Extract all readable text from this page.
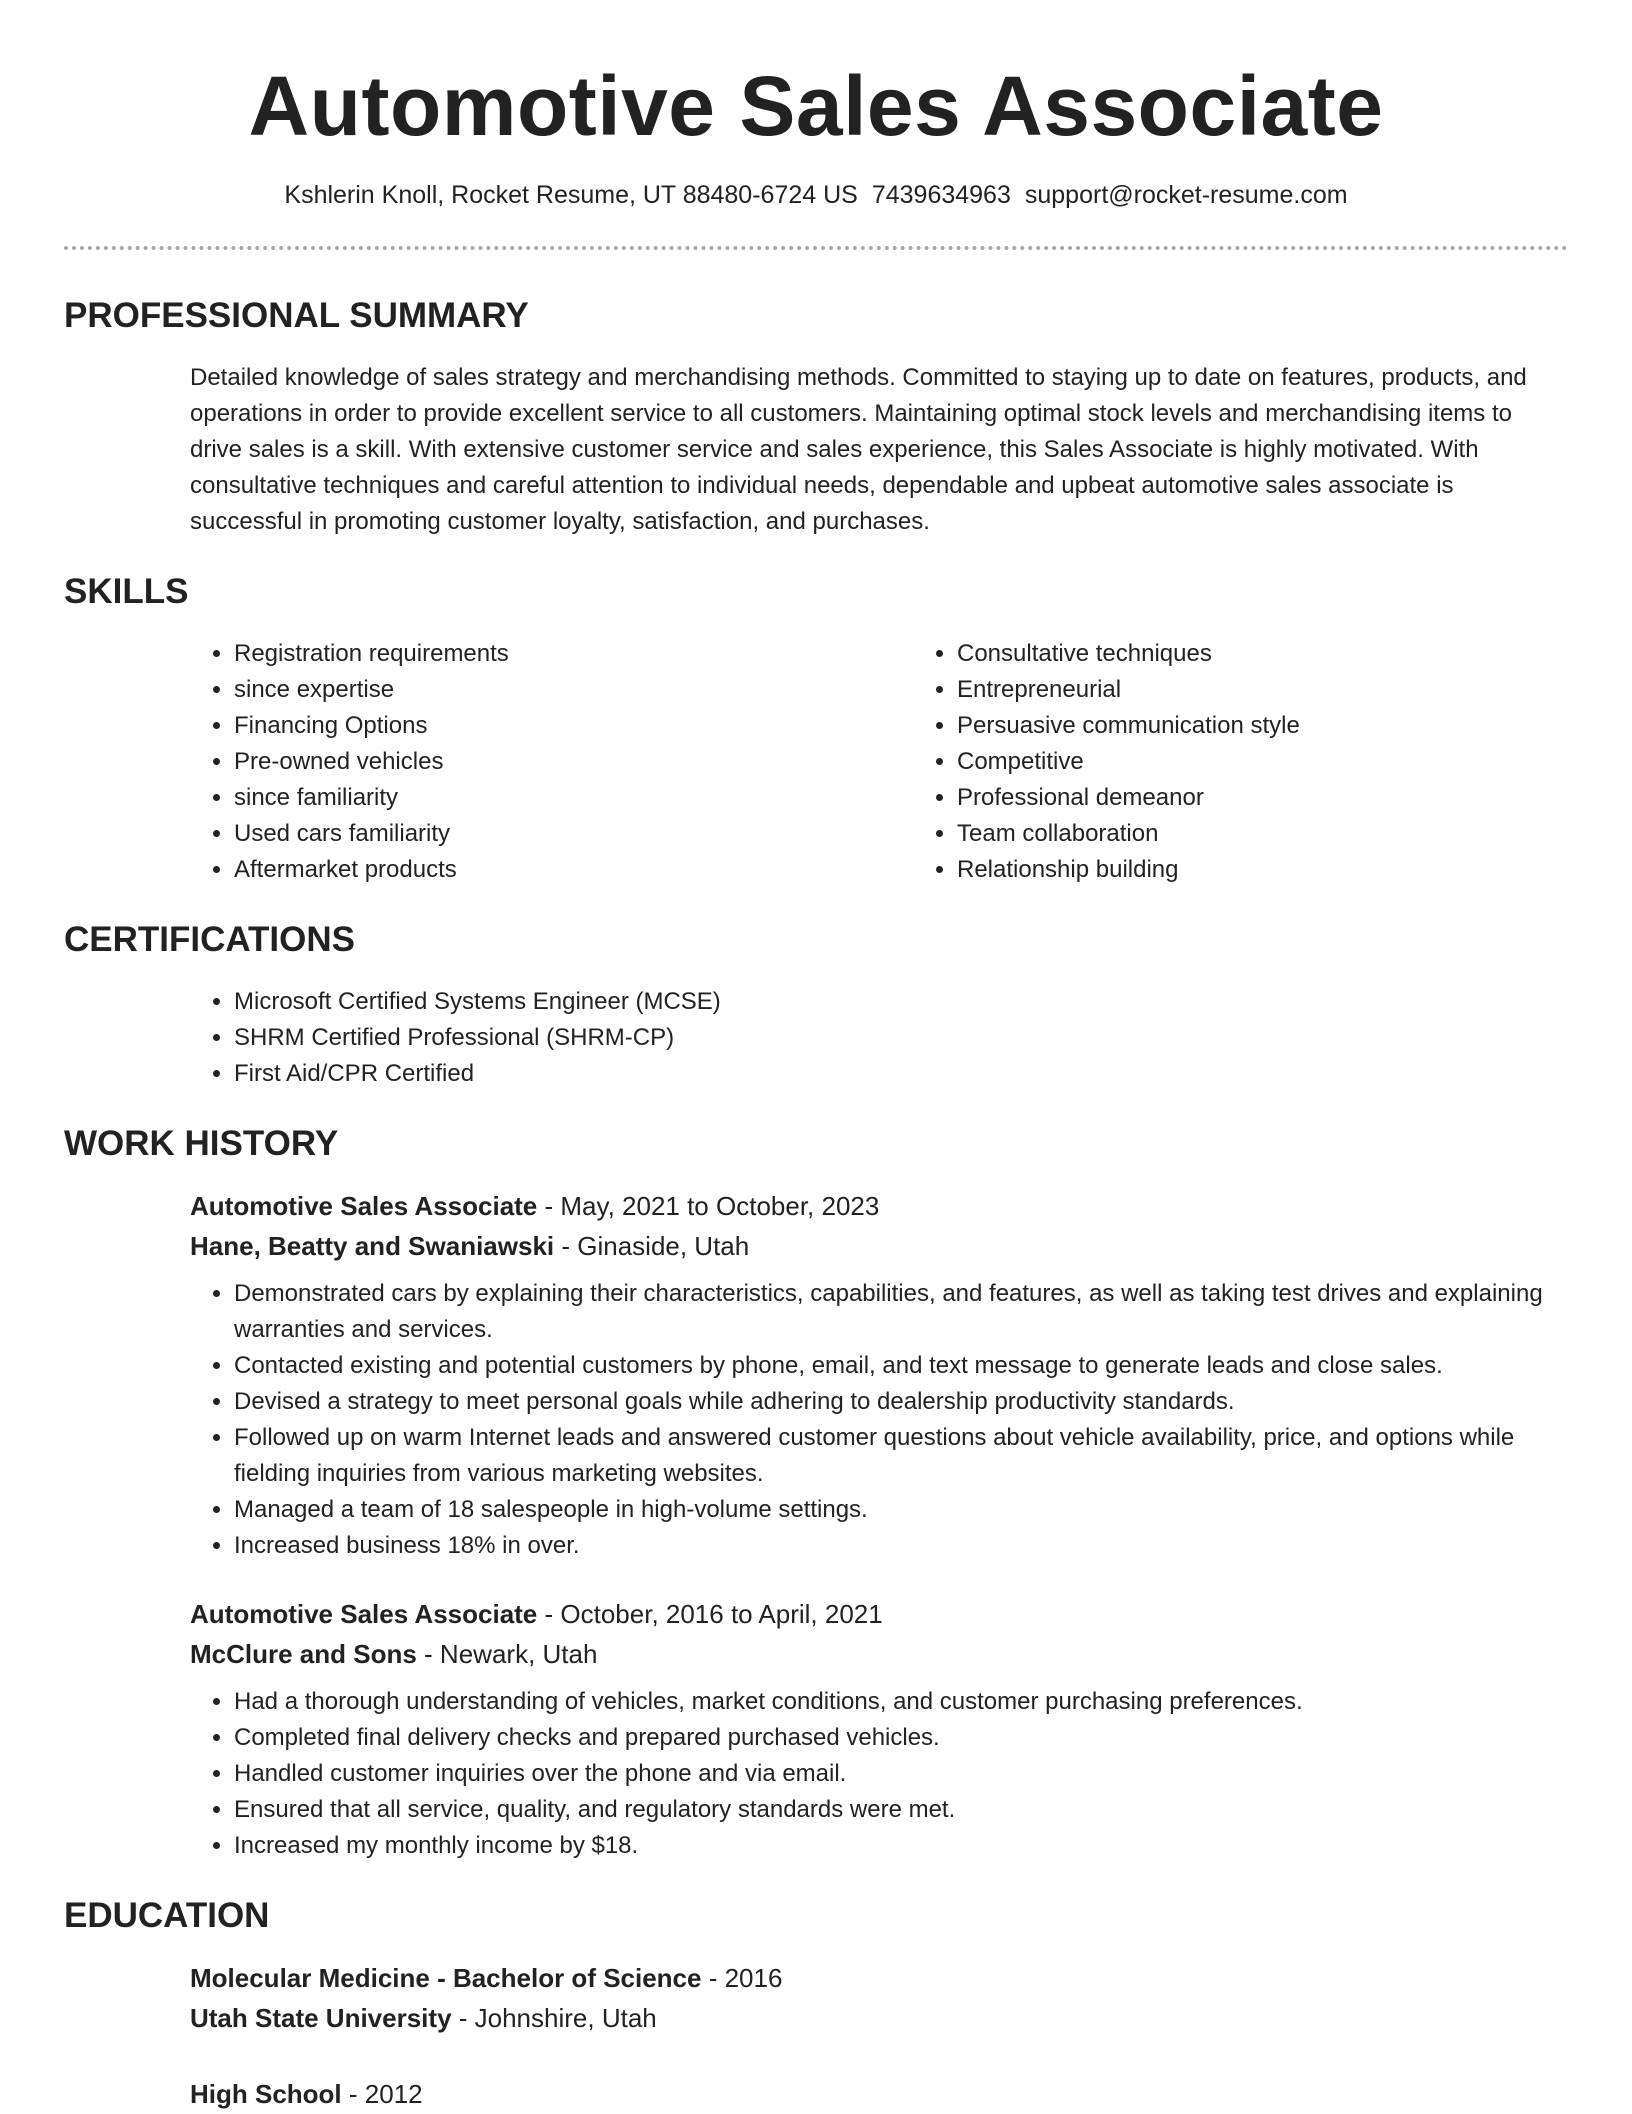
Automotive Sales Associate
Kshlerin Knoll, Rocket Resume, UT 88480-6724 US 7439634963 support@rocket-resume.com
PROFESSIONAL SUMMARY

Detailed knowledge of sales strategy and merchandising methods. Committed to staying up to date on features, products, and operations in order to provide excellent service to all customers. Maintaining optimal stock levels and merchandising items to drive sales is a skill. With extensive customer service and sales experience, this Sales Associate is highly motivated. With consultative techniques and careful attention to individual needs, dependable and upbeat automotive sales associate is successful in promoting customer loyalty, satisfaction, and purchases.

SKILLS
• Registration requirements
• since expertise
• Financing Options
• Pre-owned vehicles
• since familiarity
• Used cars familiarity
• Aftermarket products
• Consultative techniques
• Entrepreneurial
• Persuasive communication style
• Competitive
• Professional demeanor
• Team collaboration
• Relationship building
CERTIFICATIONS
• Microsoft Certified Systems Engineer (MCSE)
• SHRM Certified Professional (SHRM-CP)
• First Aid/CPR Certified
WORK HISTORY
Automotive Sales Associate - May, 2021 to October, 2023
Hane, Beatty and Swaniawski - Ginaside, Utah
• Demonstrated cars by explaining their characteristics, capabilities, and features, as well as taking test drives and explaining warranties and services.
• Contacted existing and potential customers by phone, email, and text message to generate leads and close sales.
• Devised a strategy to meet personal goals while adhering to dealership productivity standards.
• Followed up on warm Internet leads and answered customer questions about vehicle availability, price, and options while fielding inquiries from various marketing websites.
• Managed a team of 18 salespeople in high-volume settings.
• Increased business 18% in over.
Automotive Sales Associate - October, 2016 to April, 2021
McClure and Sons - Newark, Utah
• Had a thorough understanding of vehicles, market conditions, and customer purchasing preferences.
• Completed final delivery checks and prepared purchased vehicles.
• Handled customer inquiries over the phone and via email.
• Ensured that all service, quality, and regulatory standards were met.
• Increased my monthly income by $18.
EDUCATION
Molecular Medicine - Bachelor of Science - 2016
Utah State University - Johnshire, Utah
High School - 2012
